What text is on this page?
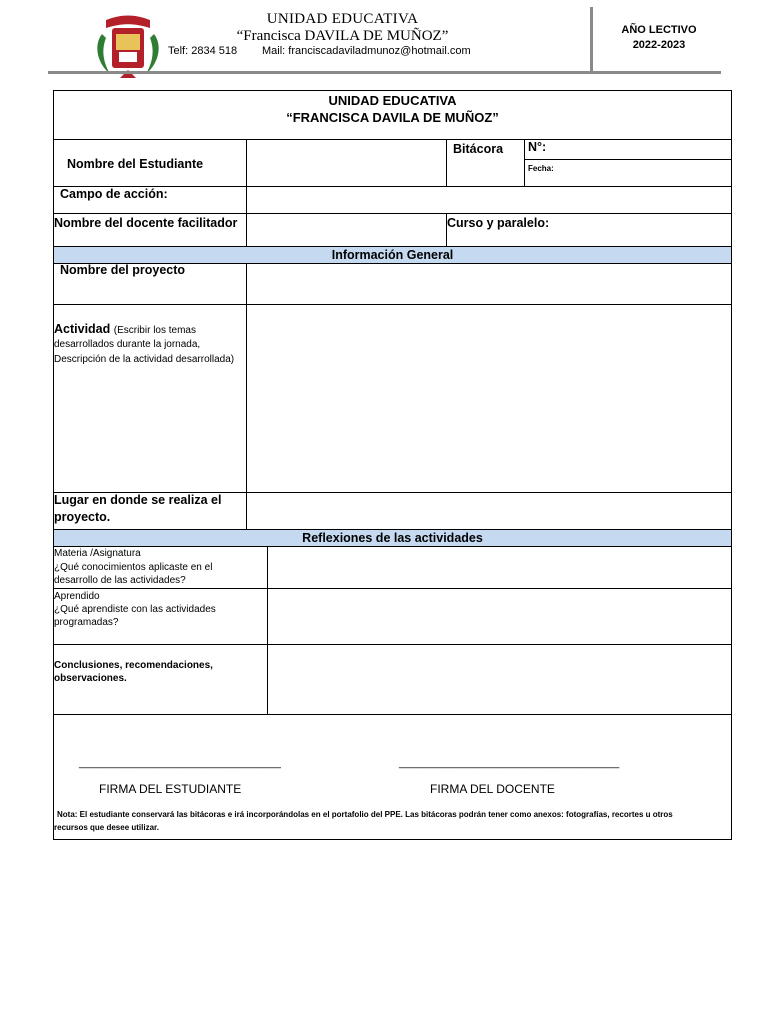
UNIDAD EDUCATIVA
“Francisca DAVILA DE MUÑOZ”
Telf: 2834 518 Mail: franciscadaviladmunoz@hotmail.com
AÑO LECTIVO
2022-2023
UNIDAD EDUCATIVA
“FRANCISCA DAVILA DE MUÑOZ”
Nombre del Estudiante
Bitácora N°:
Fecha:
Campo de acción:
Nombre del docente facilitador	Curso y paralelo:
Información General
Nombre del proyecto
Actividad (Escribir los temas
desarrollados durante la jornada,
Descripción de la actividad desarrollada)
Lugar en donde se realiza el
proyecto.
Reflexiones de las actividades
Materia /Asignatura
¿Qué conocimientos aplicaste en el
desarrollo de las actividades?
Aprendido
¿Qué aprendiste con las actividades
programadas?
Conclusiones, recomendaciones,
observaciones.
_________________________________	____________________________________
FIRMA DEL ESTUDIANTE	FIRMA DEL DOCENTE
Nota: El estudiante conservará las bitácoras e irá incorporándolas en el portafolio del PPE. Las bitácoras podrán tener como anexos: fotografías, recortes u otros
recursos que desee utilizar.
